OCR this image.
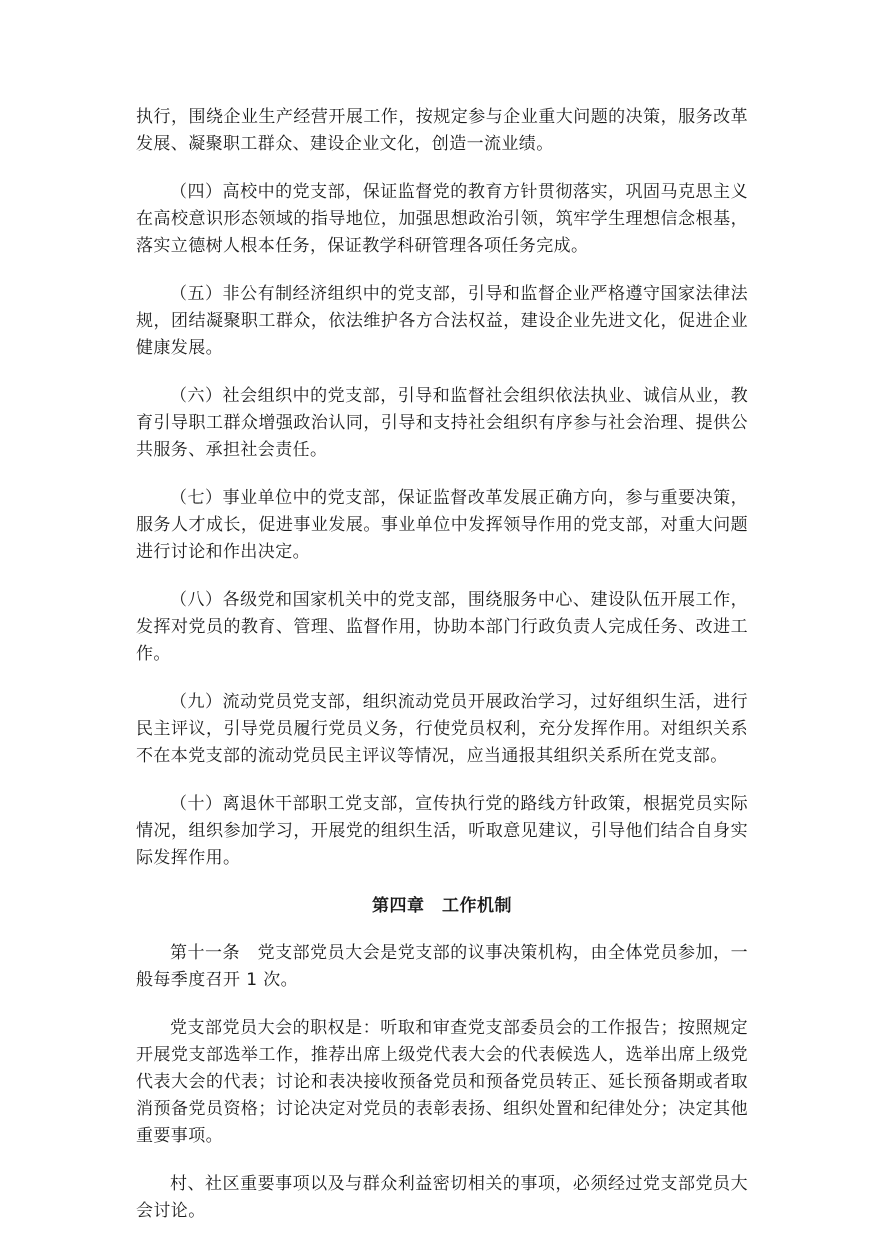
执行，围绕企业生产经营开展工作，按规定参与企业重大问题的决策，服务改革发展、凝聚职工群众、建设企业文化，创造一流业绩。

（四）高校中的党支部，保证监督党的教育方针贯彻落实，巩固马克思主义在高校意识形态领域的指导地位，加强思想政治引领，筑牢学生理想信念根基，落实立德树人根本任务，保证教学科研管理各项任务完成。

（五）非公有制经济组织中的党支部，引导和监督企业严格遵守国家法律法规，团结凝聚职工群众，依法维护各方合法权益，建设企业先进文化，促进企业健康发展。

（六）社会组织中的党支部，引导和监督社会组织依法执业、诚信从业，教育引导职工群众增强政治认同，引导和支持社会组织有序参与社会治理、提供公共服务、承担社会责任。

（七）事业单位中的党支部，保证监督改革发展正确方向，参与重要决策，服务人才成长，促进事业发展。事业单位中发挥领导作用的党支部，对重大问题进行讨论和作出决定。

（八）各级党和国家机关中的党支部，围绕服务中心、建设队伍开展工作，发挥对党员的教育、管理、监督作用，协助本部门行政负责人完成任务、改进工作。

（九）流动党员党支部，组织流动党员开展政治学习，过好组织生活，进行民主评议，引导党员履行党员义务，行使党员权利，充分发挥作用。对组织关系不在本党支部的流动党员民主评议等情况，应当通报其组织关系所在党支部。

（十）离退休干部职工党支部，宣传执行党的路线方针政策，根据党员实际情况，组织参加学习，开展党的组织生活，听取意见建议，引导他们结合自身实际发挥作用。

第四章　工作机制

第十一条　党支部党员大会是党支部的议事决策机构，由全体党员参加，一般每季度召开 1 次。

党支部党员大会的职权是：听取和审查党支部委员会的工作报告；按照规定开展党支部选举工作，推荐出席上级党代表大会的代表候选人，选举出席上级党代表大会的代表；讨论和表决接收预备党员和预备党员转正、延长预备期或者取消预备党员资格；讨论决定对党员的表彰表扬、组织处置和纪律处分；决定其他重要事项。

村、社区重要事项以及与群众利益密切相关的事项，必须经过党支部党员大会讨论。
